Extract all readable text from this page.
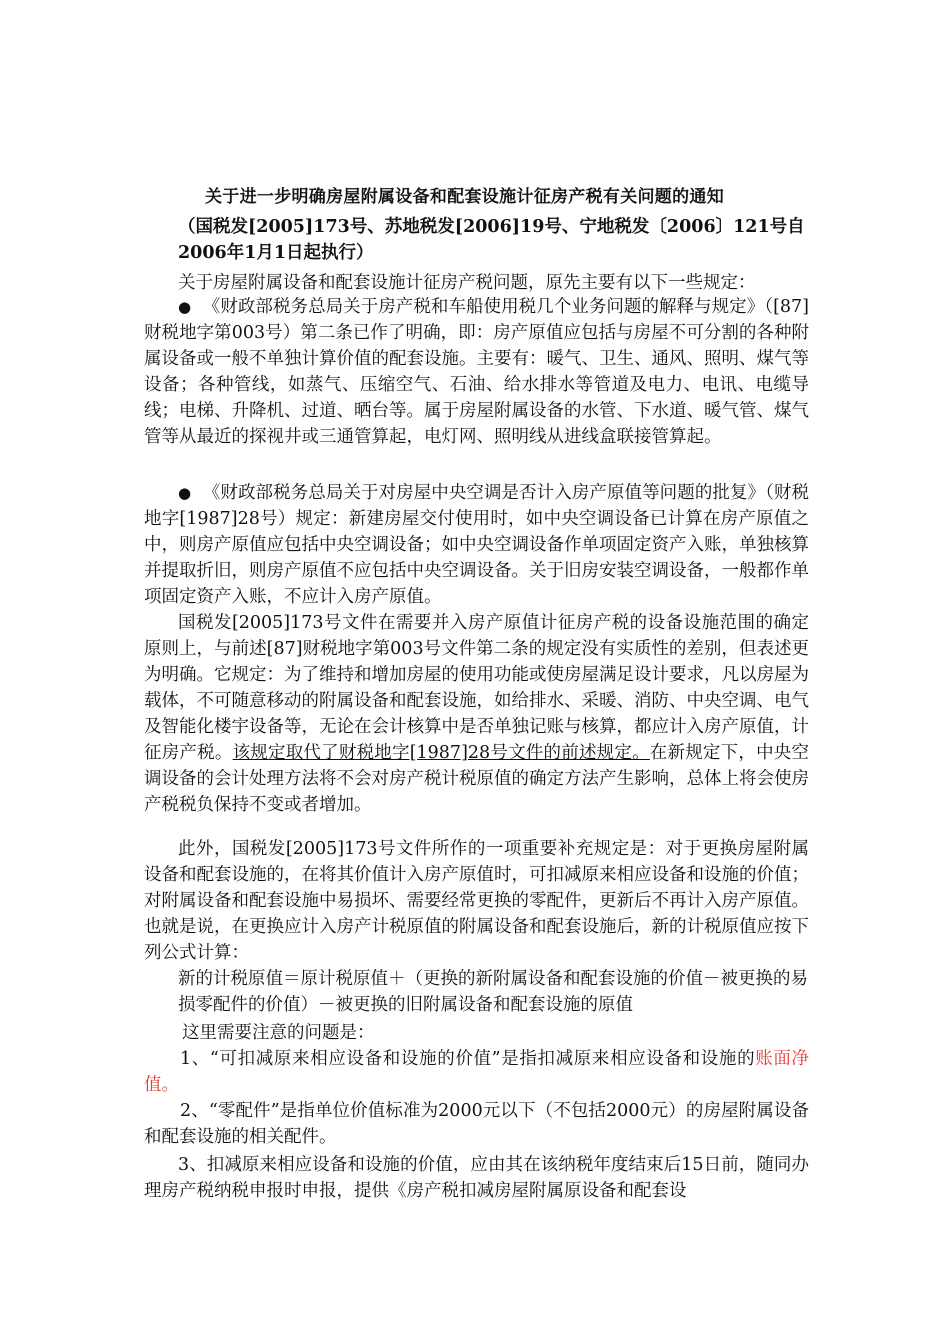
关于进一步明确房屋附属设备和配套设施计征房产税有关问题的通知
（国税发[2005]173号、苏地税发[2006]19号、宁地税发〔2006〕121号自
2006年1月1日起执行）
关于房屋附属设备和配套设施计征房产税问题，原先主要有以下一些规定：
● 　《财政部税务总局关于房产税和车船使用税几个业务问题的解释与规定》（[87]财税地字第003号）第二条已作了明确，即：房产原值应包括与房屋不可分割的各种附属设备或一般不单独计算价值的配套设施。主要有：暖气、卫生、通风、照明、煤气等设备；各种管线，如蒸气、压缩空气、石油、给水排水等管道及电力、电讯、电缆导线；电梯、升降机、过道、晒台等。属于房屋附属设备的水管、下水道、暖气管、煤气管等从最近的探视井或三通管算起，电灯网、照明线从进线盒联接管算起。
● 　《财政部税务总局关于对房屋中央空调是否计入房产原值等问题的批复》（财税地字[1987]28号）规定：新建房屋交付使用时，如中央空调设备已计算在房产原值之中，则房产原值应包括中央空调设备；如中央空调设备作单项固定资产入账，单独核算并提取折旧，则房产原值不应包括中央空调设备。关于旧房安装空调设备，一般都作单项固定资产入账，不应计入房产原值。
国税发[2005]173号文件在需要并入房产原值计征房产税的设备设施范围的确定原则上，与前述[87]财税地字第003号文件第二条的规定没有实质性的差别，但表述更为明确。它规定：为了维持和增加房屋的使用功能或使房屋满足设计要求，凡以房屋为载体，不可随意移动的附属设备和配套设施，如给排水、采暖、消防、中央空调、电气及智能化楼宇设备等，无论在会计核算中是否单独记账与核算，都应计入房产原值，计征房产税。该规定取代了财税地字[1987]28号文件的前述规定。在新规定下，中央空调设备的会计处理方法将不会对房产税计税原值的确定方法产生影响，总体上将会使房产税税负保持不变或者增加。
此外，国税发[2005]173号文件所作的一项重要补充规定是：对于更换房屋附属设备和配套设施的，在将其价值计入房产原值时，可扣减原来相应设备和设施的价值；对附属设备和配套设施中易损坏、需要经常更换的零配件，更新后不再计入房产原值。也就是说，在更换应计入房产计税原值的附属设备和配套设施后，新的计税原值应按下列公式计算：
新的计税原值＝原计税原值＋（更换的新附属设备和配套设施的价值－被更换的易损零配件的价值）－被更换的旧附属设备和配套设施的原值
这里需要注意的问题是：
1、“可扣减原来相应设备和设施的价值”是指扣减原来相应设备和设施的账面净值。
2、“零配件”是指单位价值标准为2000元以下（不包括2000元）的房屋附属设备和配套设施的相关配件。
3、扣减原来相应设备和设施的价值，应由其在该纳税年度结束后15日前，随同办理房产税纳税申报时申报，提供《房产税扣减房屋附属原设备和配套设
